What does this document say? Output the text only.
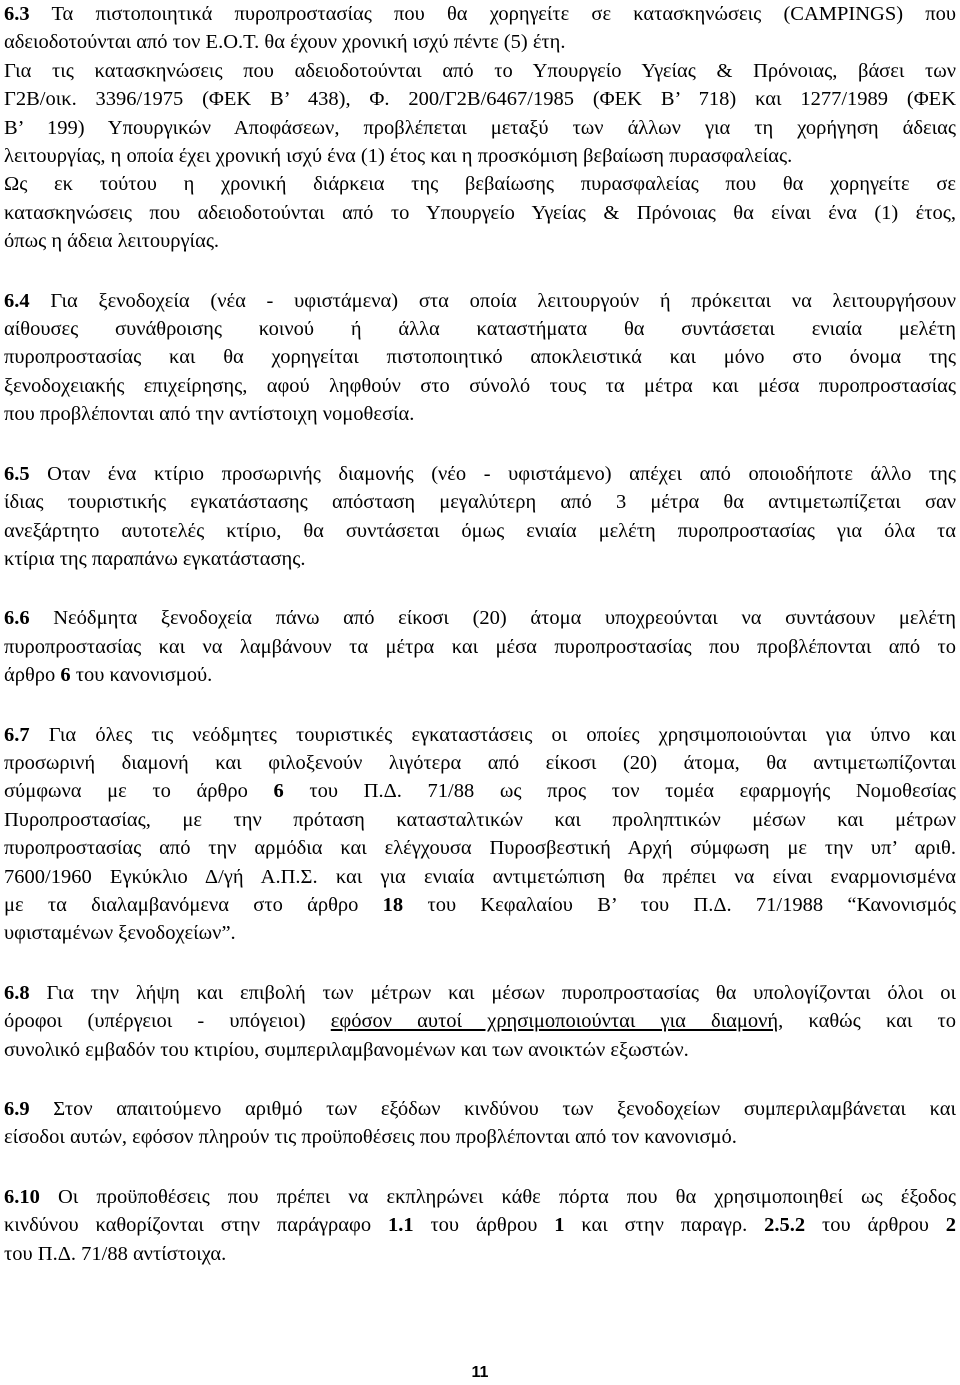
6.3 Τα πιστοποιητικά πυροπροστασίας που θα χορηγείτε σε κατασκηνώσεις (CAMPINGS) που
αδειοδοτούνται από τον Ε.Ο.Τ. θα έχουν χρονική ισχύ πέντε (5) έτη.
Για τις κατασκηνώσεις που αδειοδοτούνται από το Υπουργείο Υγείας & Πρόνοιας, βάσει των
Γ2Β/οικ. 3396/1975 (ΦΕΚ Β’ 438), Φ. 200/Γ2Β/6467/1985 (ΦΕΚ Β’ 718) και 1277/1989 (ΦΕΚ
Β’ 199) Υπουργικών Αποφάσεων, προβλέπεται μεταξύ των άλλων για τη χορήγηση άδειας
λειτουργίας, η οποία έχει χρονική ισχύ ένα (1) έτος και η προσκόμιση βεβαίωση πυρασφαλείας.
Ως εκ τούτου η χρονική διάρκεια της βεβαίωσης πυρασφαλείας που θα χορηγείτε σε
κατασκηνώσεις που αδειοδοτούνται από το Υπουργείο Υγείας & Πρόνοιας θα είναι ένα (1) έτος,
όπως η άδεια λειτουργίας.
6.4 Για ξενοδοχεία (νέα - υφιστάμενα) στα οποία λειτουργούν ή πρόκειται να λειτουργήσουν
αίθουσες συνάθροισης κοινού ή άλλα καταστήματα θα συντάσεται ενιαία μελέτη
πυροπροστασίας και θα χορηγείται πιστοποιητικό αποκλειστικά και μόνο στο όνομα της
ξενοδοχειακής επιχείρησης, αφού ληφθούν στο σύνολό τους τα μέτρα και μέσα πυροπροστασίας
που προβλέπονται από την αντίστοιχη νομοθεσία.
6.5 Οταν ένα κτίριο προσωρινής διαμονής (νέο - υφιστάμενο) απέχει από οποιοδήποτε άλλο της
ίδιας τουριστικής εγκατάστασης απόσταση μεγαλύτερη από 3 μέτρα θα αντιμετωπίζεται σαν
ανεξάρτητο αυτοτελές κτίριο, θα συντάσεται όμως ενιαία μελέτη πυροπροστασίας για όλα τα
κτίρια της παραπάνω εγκατάστασης.
6.6 Νεόδμητα ξενοδοχεία πάνω από είκοσι (20) άτομα υποχρεούνται να συντάσουν μελέτη
πυροπροστασίας και να λαμβάνουν τα μέτρα και μέσα πυροπροστασίας που προβλέπονται από το
άρθρο 6 του κανονισμού.
6.7 Για όλες τις νεόδμητες τουριστικές εγκαταστάσεις οι οποίες χρησιμοποιούνται για ύπνο και
προσωρινή διαμονή και φιλοξενούν λιγότερα από είκοσι (20) άτομα, θα αντιμετωπίζονται
σύμφωνα με το άρθρο 6 του Π.Δ. 71/88 ως προς τον τομέα εφαρμογής Νομοθεσίας
Πυροπροστασίας, με την πρόταση κατασταλτικών και προληπτικών μέσων και μέτρων
πυροπροστασίας από την αρμόδια και ελέγχουσα Πυροσβεστική Αρχή σύμφωση με την υπ’ αριθ.
7600/1960 Εγκύκλιο Δ/γή Α.Π.Σ. και για ενιαία αντιμετώπιση θα πρέπει να είναι εναρμονισμένα
με τα διαλαμβανόμενα στο άρθρο 18 του Κεφαλαίου Β’ του Π.Δ. 71/1988 “Κανονισμός
υφισταμένων ξενοδοχείων”.
6.8 Για την λήψη και επιβολή των μέτρων και μέσων πυροπροστασίας θα υπολογίζονται όλοι οι
όροφοι (υπέργειοι - υπόγειοι) εφόσον αυτοί χρησιμοποιούνται για διαμονή, καθώς και το
συνολικό εμβαδόν του κτιρίου, συμπεριλαμβανομένων και των ανοικτών εξωστών.
6.9 Στον απαιτούμενο αριθμό των εξόδων κινδύνου των ξενοδοχείων συμπεριλαμβάνεται και
είσοδοι αυτών, εφόσον πληρούν τις προϋποθέσεις που προβλέπονται από τον κανονισμό.
6.10 Οι προϋποθέσεις που πρέπει να εκπληρώνει κάθε πόρτα που θα χρησιμοποιηθεί ως έξοδος
κινδύνου καθορίζονται στην παράγραφο 1.1 του άρθρου 1 και στην παραγρ. 2.5.2 του άρθρου 2
του Π.Δ. 71/88 αντίστοιχα.
11
